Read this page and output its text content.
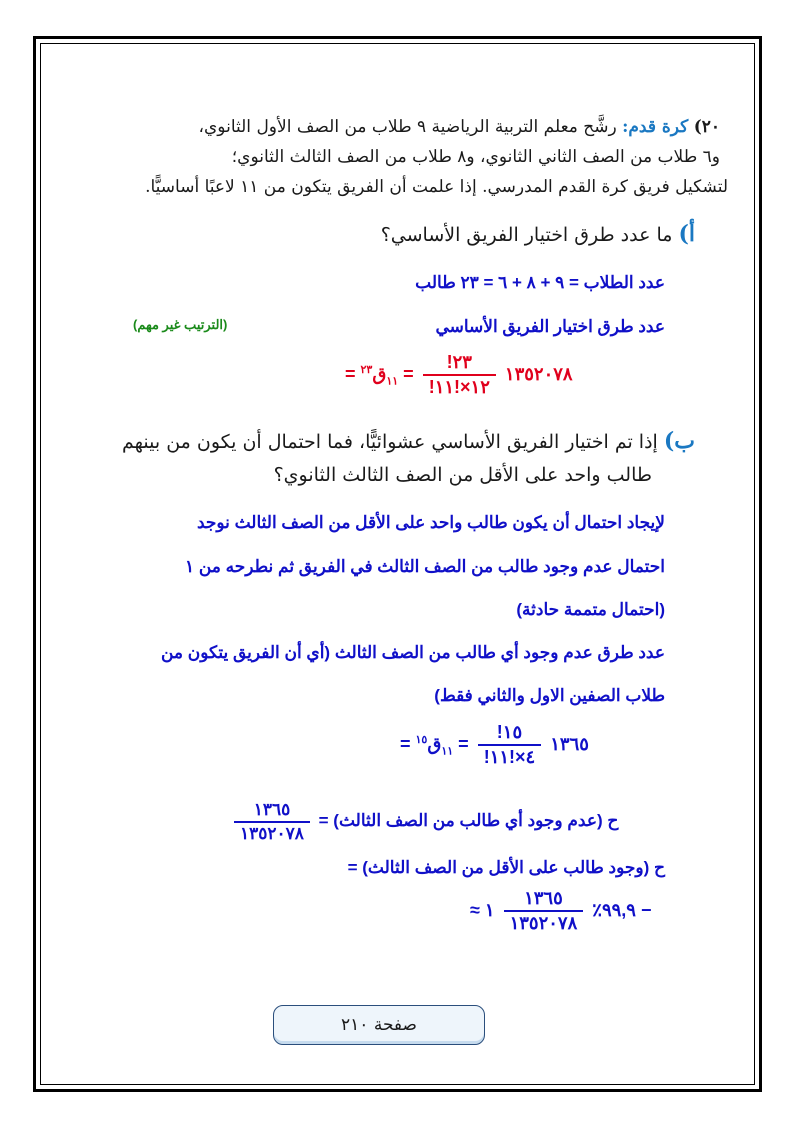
٢٠) كرة قدم: رشَّح معلم التربية الرياضية ٩ طلاب من الصف الأول الثانوي،
و٦ طلاب من الصف الثاني الثانوي، و٨ طلاب من الصف الثالث الثانوي؛
لتشكيل فريق كرة القدم المدرسي. إذا علمت أن الفريق يتكون من ١١ لاعبًا أساسيًّا.
أ) ما عدد طرق اختيار الفريق الأساسي؟
عدد الطلاب = ٩ + ٨ + ٦ = ٢٣ طالب
عدد طرق اختيار الفريق الأساسي
(الترتيب غير مهم)
= ١٣٥٢٠٧٨
$\frac{!٢٣}{!١٢\times!١١}$
= $_{١١}$ق$^{٢٣}$
ب) إذا تم اختيار الفريق الأساسي عشوائيًّا، فما احتمال أن يكون من بينهم
طالب واحد على الأقل من الصف الثالث الثانوي؟
لإيجاد احتمال أن يكون طالب واحد على الأقل من الصف الثالث نوجد
احتمال عدم وجود طالب من الصف الثالث في الفريق ثم نطرحه من ١
(احتمال متممة حادثة)
عدد طرق عدم وجود أي طالب من الصف الثالث (أي أن الفريق يتكون من
طلاب الصفين الاول والثاني فقط)
= ١٣٦٥
$\frac{!١٥}{!٤\times!١١}$
= $_{١١}$ق$^{١٥}$
$\frac{١٣٦٥}{١٣٥٢٠٧٨}$ ح (عدم وجود أي طالب من الصف الثالث) =
ح (وجود طالب على الأقل من الصف الثالث) =
≈ ٩٩,٩٪
$\frac{١٣٦٥}{١٣٥٢٠٧٨}$
١ −
صفحة ٢١٠
